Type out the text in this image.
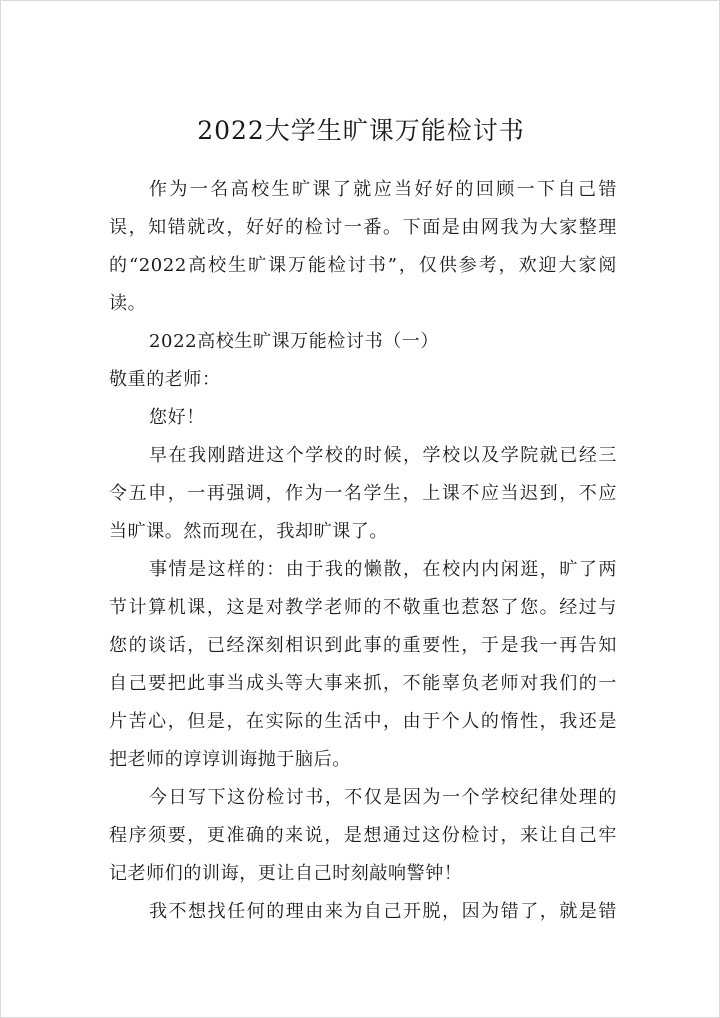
2022大学生旷课万能检讨书
作为一名高校生旷课了就应当好好的回顾一下自己错
误，知错就改，好好的检讨一番。下面是由网我为大家整理
的“2022高校生旷课万能检讨书”，仅供参考，欢迎大家阅
读。
2022高校生旷课万能检讨书（一）
敬重的老师：
您好！
早在我刚踏进这个学校的时候，学校以及学院就已经三
令五申，一再强调，作为一名学生，上课不应当迟到，不应
当旷课。然而现在，我却旷课了。
事情是这样的：由于我的懒散，在校内内闲逛，旷了两
节计算机课，这是对教学老师的不敬重也惹怒了您。经过与
您的谈话，已经深刻相识到此事的重要性，于是我一再告知
自己要把此事当成头等大事来抓，不能辜负老师对我们的一
片苦心，但是，在实际的生活中，由于个人的惰性，我还是
把老师的谆谆训诲抛于脑后。
今日写下这份检讨书，不仅是因为一个学校纪律处理的
程序须要，更准确的来说，是想通过这份检讨，来让自己牢
记老师们的训诲，更让自己时刻敲响警钟！
我不想找任何的理由来为自己开脱，因为错了，就是错
